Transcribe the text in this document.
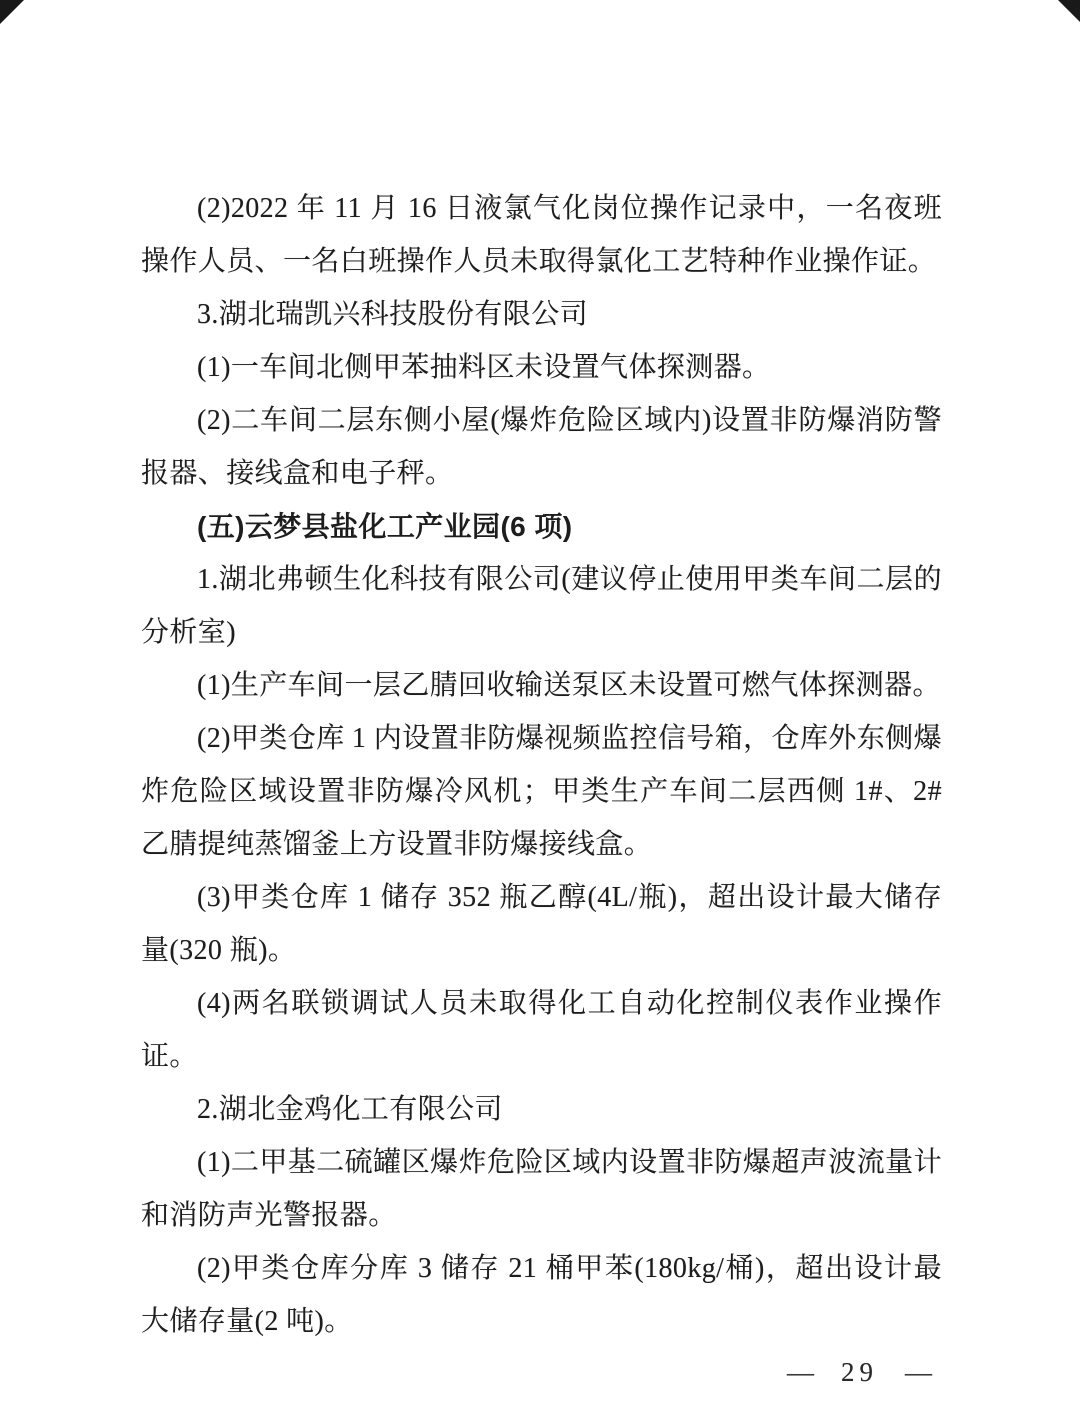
(2)2022 年 11 月 16 日液氯气化岗位操作记录中，一名夜班操作人员、一名白班操作人员未取得氯化工艺特种作业操作证。

3.湖北瑞凯兴科技股份有限公司

(1)一车间北侧甲苯抽料区未设置气体探测器。

(2)二车间二层东侧小屋(爆炸危险区域内)设置非防爆消防警报器、接线盒和电子秤。

(五)云梦县盐化工产业园(6 项)

1.湖北弗顿生化科技有限公司(建议停止使用甲类车间二层的分析室)

(1)生产车间一层乙腈回收输送泵区未设置可燃气体探测器。

(2)甲类仓库 1 内设置非防爆视频监控信号箱，仓库外东侧爆炸危险区域设置非防爆冷风机；甲类生产车间二层西侧 1#、2#乙腈提纯蒸馏釜上方设置非防爆接线盒。

(3)甲类仓库 1 储存 352 瓶乙醇(4L/瓶)，超出设计最大储存量(320 瓶)。

(4)两名联锁调试人员未取得化工自动化控制仪表作业操作证。

2.湖北金鸡化工有限公司

(1)二甲基二硫罐区爆炸危险区域内设置非防爆超声波流量计和消防声光警报器。

(2)甲类仓库分库 3 储存 21 桶甲苯(180kg/桶)，超出设计最大储存量(2 吨)。

— 29 —
